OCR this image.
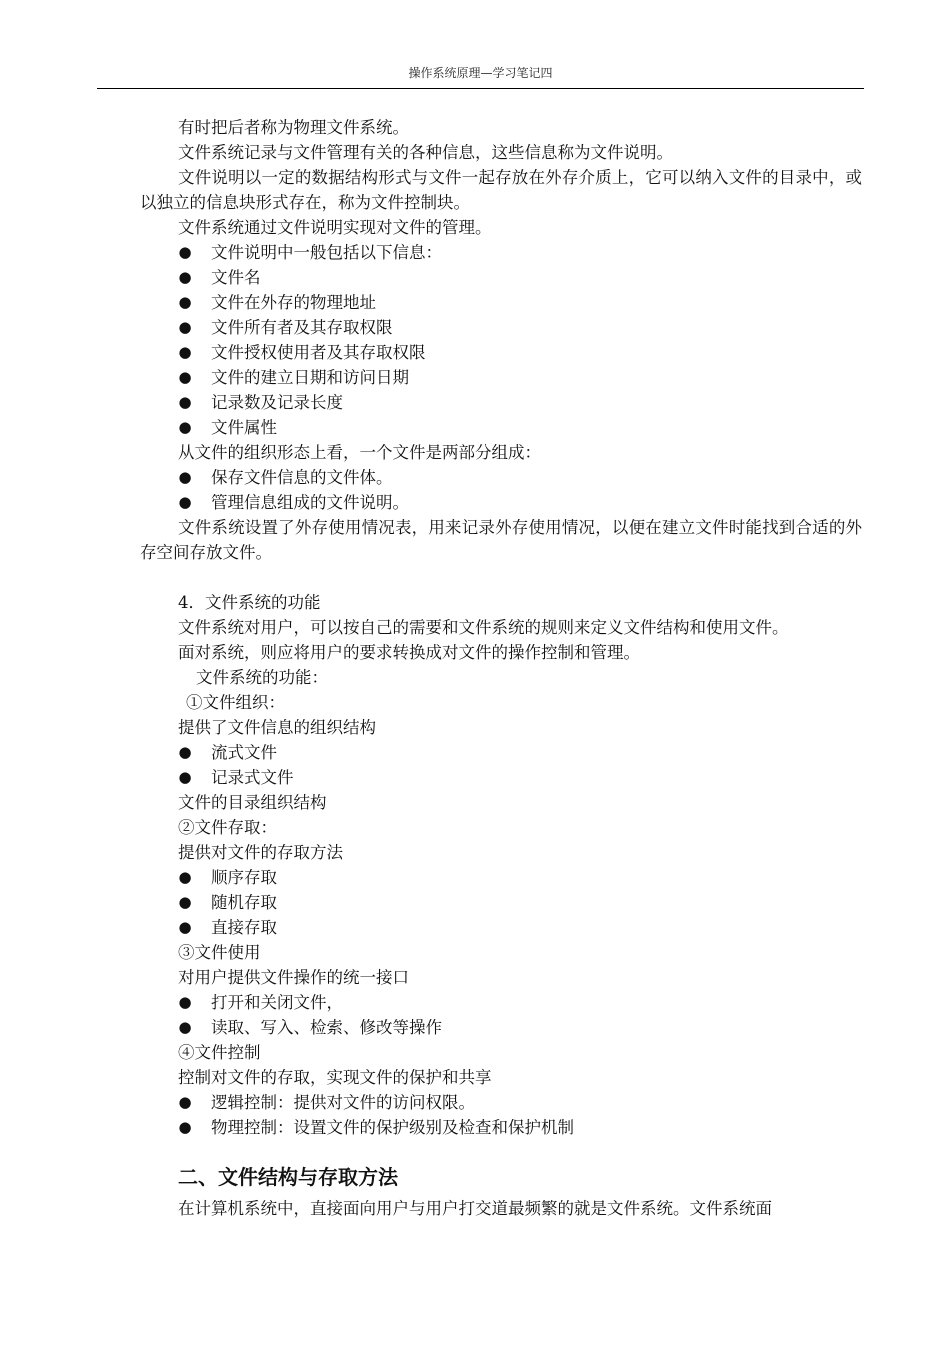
操作系统原理—学习笔记四

有时把后者称为物理文件系统。

文件系统记录与文件管理有关的各种信息，这些信息称为文件说明。

文件说明以一定的数据结构形式与文件一起存放在外存介质上，它可以纳入文件的目录中，或以独立的信息块形式存在，称为文件控制块。

文件系统通过文件说明实现对文件的管理。

● 文件说明中一般包括以下信息：

● 文件名

● 文件在外存的物理地址

● 文件所有者及其存取权限

● 文件授权使用者及其存取权限

● 文件的建立日期和访问日期

● 记录数及记录长度

● 文件属性

从文件的组织形态上看，一个文件是两部分组成：

● 保存文件信息的文件体。

● 管理信息组成的文件说明。

文件系统设置了外存使用情况表，用来记录外存使用情况，以便在建立文件时能找到合适的外存空间存放文件。

4．文件系统的功能

文件系统对用户，可以按自己的需要和文件系统的规则来定义文件结构和使用文件。

面对系统，则应将用户的要求转换成对文件的操作控制和管理。

文件系统的功能：

①文件组织：

提供了文件信息的组织结构

● 流式文件

● 记录式文件

文件的目录组织结构

②文件存取：

提供对文件的存取方法

● 顺序存取

● 随机存取

● 直接存取

③文件使用

对用户提供文件操作的统一接口

● 打开和关闭文件，

● 读取、写入、检索、修改等操作

④文件控制

控制对文件的存取，实现文件的保护和共享

● 逻辑控制：提供对文件的访问权限。

● 物理控制：设置文件的保护级别及检查和保护机制

二、文件结构与存取方法

在计算机系统中，直接面向用户与用户打交道最频繁的就是文件系统。文件系统面
